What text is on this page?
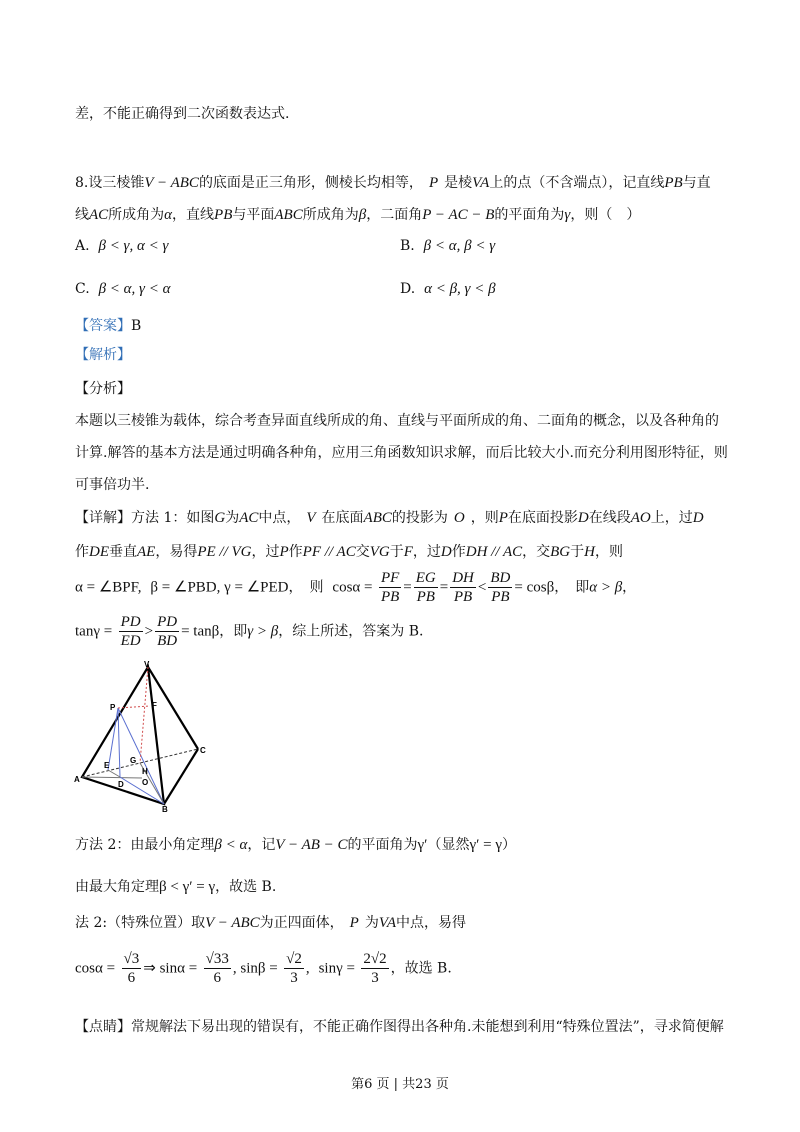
差，不能正确得到二次函数表达式.
8.设三棱锥V − ABC的底面是正三角形，侧棱长均相等， P 是棱VA上的点（不含端点），记直线PB与直
线AC所成角为α，直线PB与平面ABC所成角为β，二面角P − AC − B的平面角为γ，则（　）
A. β < γ, α < γ	B. β < α, β < γ
C. β < α, γ < α	D. α < β, γ < β
【答案】B
【解析】
【分析】
本题以三棱锥为载体，综合考查异面直线所成的角、直线与平面所成的角、二面角的概念，以及各种角的
计算.解答的基本方法是通过明确各种角，应用三角函数知识求解，而后比较大小.而充分利用图形特征，则
可事倍功半.
【详解】方法 1：如图G为AC中点， V 在底面ABC的投影为 O ，则P在底面投影D在线段AO上，过D
作DE垂直AE，易得PE // VG，过P作PF // AC交VG于F，过D作DH // AC，交BG于H，则
α = ∠BPF, β = ∠PBD, γ = ∠PED，　则 $\cos\alpha = \frac{PF}{PB} = \frac{EG}{PB} = \frac{DH}{PB} < \frac{BD}{PB} = \cos\beta$，　即α > β，
$\tan\gamma = \frac{PD}{ED} > \frac{PD}{BD} = \tan\beta$，即γ > β，综上所述，答案为 B.
V
P	F
C
A
E
G
H
D O
B
方法 2：由最小角定理β < α，记V − AB − C的平面角为γ′（显然γ′ = γ）
由最大角定理β < γ′ = γ，故选 B.
法 2:（特殊位置）取V − ABC为正四面体， P 为VA中点，易得
$\cos\alpha = \frac{√3}{6}$ ⇒ $\sin\alpha = \frac{√33}{6}$ , $\sin\beta = \frac{√2}{3}$ , $\sin\gamma = \frac{2√2}{3}$ ，故选 B.
【点睛】常规解法下易出现的错误有，不能正确作图得出各种角.未能想到利用“特殊位置法”，寻求简便解
第6 页 | 共23 页
